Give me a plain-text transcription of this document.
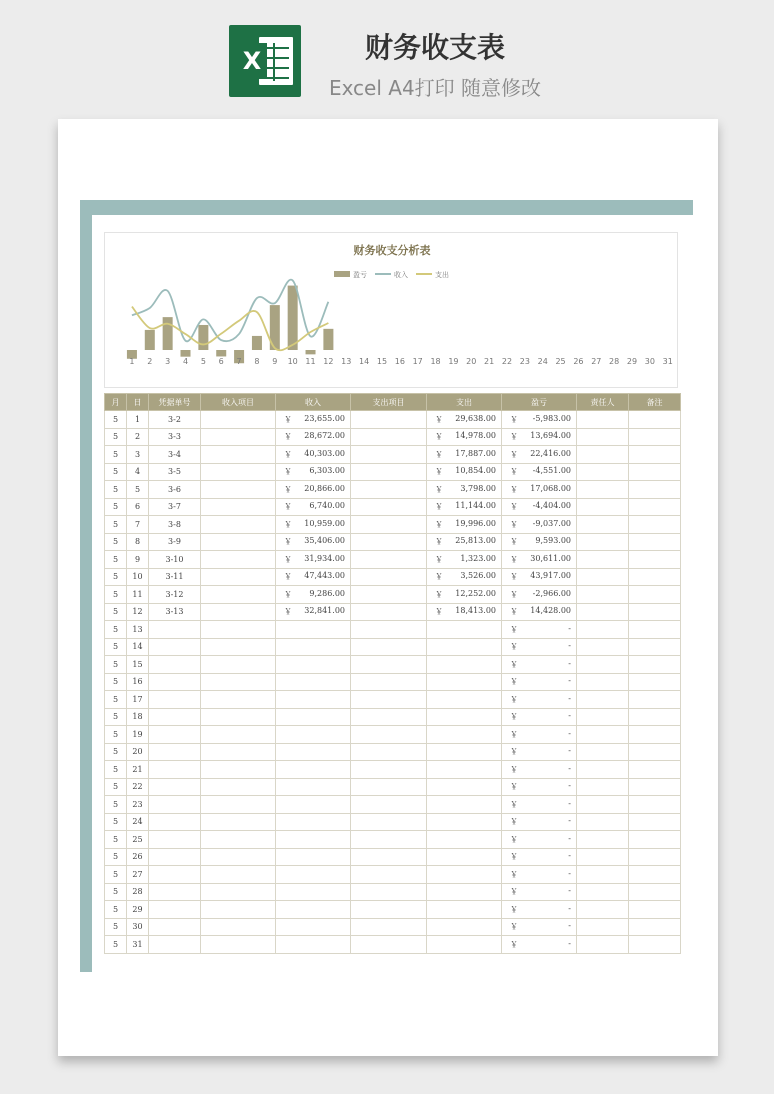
X	财务收支表
Excel A4打印 随意修改
财务收支分析表
盈亏	收入	支出
1 2 3 4 5 6 7 8 9 10 11 12 13 14 15 16 17 18 19 20 21 22 23 24 25 26 27 28 29 30 31
月	日	凭据单号	收入项目	收入	支出项目	支出	盈亏	责任人	备注
5	1	3-2		￥ 23,655.00		￥ 29,638.00	￥ -5,983.00		
5	2	3-3		￥ 28,672.00		￥ 14,978.00	￥ 13,694.00		
5	3	3-4		￥ 40,303.00		￥ 17,887.00	￥ 22,416.00		
5	4	3-5		￥ 6,303.00		￥ 10,854.00	￥ -4,551.00		
5	5	3-6		￥ 20,866.00		￥ 3,798.00	￥ 17,068.00		
5	6	3-7		￥ 6,740.00		￥ 11,144.00	￥ -4,404.00		
5	7	3-8		￥ 10,959.00		￥ 19,996.00	￥ -9,037.00		
5	8	3-9		￥ 35,406.00		￥ 25,813.00	￥ 9,593.00		
5	9	3-10		￥ 31,934.00		￥ 1,323.00	￥ 30,611.00		
5	10	3-11		￥ 47,443.00		￥ 3,526.00	￥ 43,917.00		
5	11	3-12		￥ 9,286.00		￥ 12,252.00	￥ -2,966.00		
5	12	3-13		￥ 32,841.00		￥ 18,413.00	￥ 14,428.00		
5	13						￥ -		
5	14						￥ -		
5	15						￥ -		
5	16						￥ -		
5	17						￥ -		
5	18						￥ -		
5	19						￥ -		
5	20						￥ -		
5	21						￥ -		
5	22						￥ -		
5	23						￥ -		
5	24						￥ -		
5	25						￥ -		
5	26						￥ -		
5	27						￥ -		
5	28						￥ -		
5	29						￥ -		
5	30						￥ -		
5	31						￥ -		
